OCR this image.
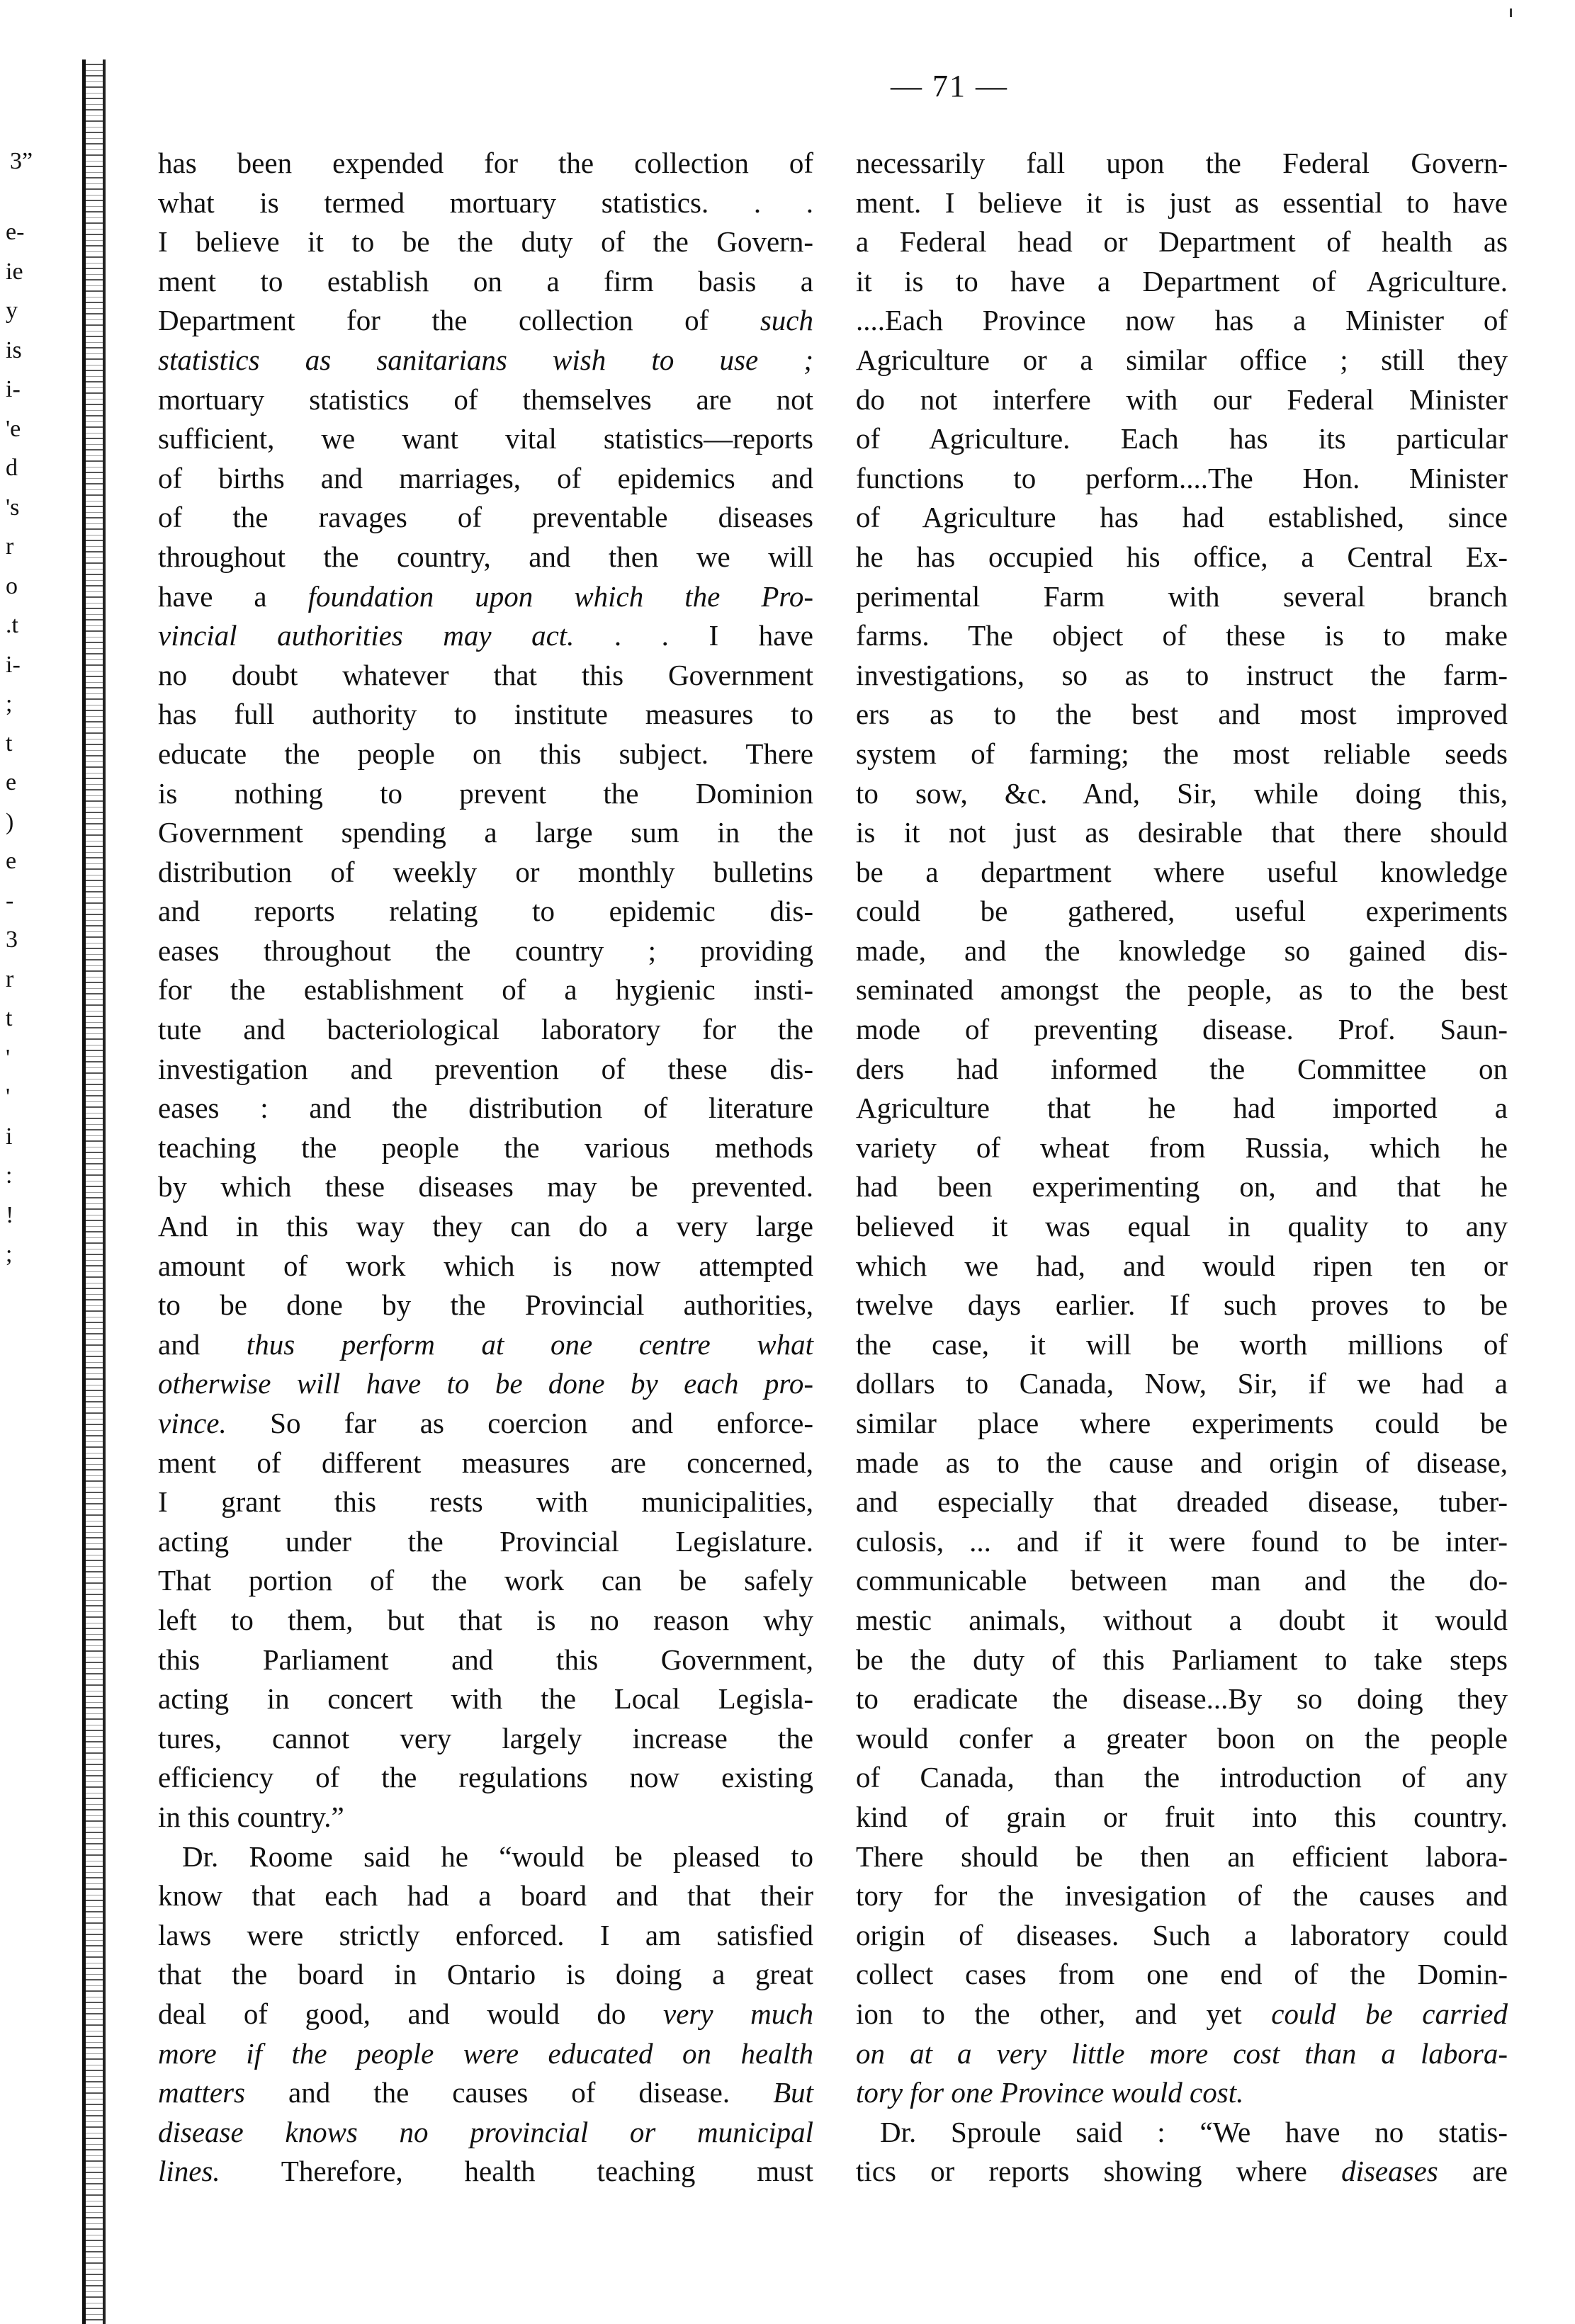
3”
e-
ie
y
is
i-
'e
d
's
r
o
.t
i-
;
t
e
)
e
-
3
r
t
'
'
i
:
!
;
— 71 —
has been expended for the collection of
what is termed mortuary statistics. . .
I believe it to be the duty of the Govern-
ment to establish on a firm basis a
Department for the collection of such
statistics as sanitarians wish to use ;
mortuary statistics of themselves are not
sufficient, we want vital statistics—reports
of births and marriages, of epidemics and
of the ravages of preventable diseases
throughout the country, and then we will
have a foundation upon which the Pro-
vincial authorities may act. . . I have
no doubt whatever that this Government
has full authority to institute measures to
educate the people on this subject. There
is nothing to prevent the Dominion
Government spending a large sum in the
distribution of weekly or monthly bulletins
and reports relating to epidemic dis-
eases throughout the country ; providing
for the establishment of a hygienic insti-
tute and bacteriological laboratory for the
investigation and prevention of these dis-
eases : and the distribution of literature
teaching the people the various methods
by which these diseases may be prevented.
And in this way they can do a very large
amount of work which is now attempted
to be done by the Provincial authorities,
and thus perform at one centre what
otherwise will have to be done by each pro-
vince. So far as coercion and enforce-
ment of different measures are concerned,
I grant this rests with municipalities,
acting under the Provincial Legislature.
That portion of the work can be safely
left to them, but that is no reason why
this Parliament and this Government,
acting in concert with the Local Legisla-
tures, cannot very largely increase the
efficiency of the regulations now existing
in this country.”
Dr. Roome said he “would be pleased to
know that each had a board and that their
laws were strictly enforced. I am satisfied
that the board in Ontario is doing a great
deal of good, and would do very much
more if the people were educated on health
matters and the causes of disease. But
disease knows no provincial or municipal
lines. Therefore, health teaching must
necessarily fall upon the Federal Govern-
ment. I believe it is just as essential to have
a Federal head or Department of health as
it is to have a Department of Agriculture.
....Each Province now has a Minister of
Agriculture or a similar office ; still they
do not interfere with our Federal Minister
of Agriculture. Each has its particular
functions to perform....The Hon. Minister
of Agriculture has had established, since
he has occupied his office, a Central Ex-
perimental Farm with several branch
farms. The object of these is to make
investigations, so as to instruct the farm-
ers as to the best and most improved
system of farming; the most reliable seeds
to sow, &c. And, Sir, while doing this,
is it not just as desirable that there should
be a department where useful knowledge
could be gathered, useful experiments
made, and the knowledge so gained dis-
seminated amongst the people, as to the best
mode of preventing disease. Prof. Saun-
ders had informed the Committee on
Agriculture that he had imported a
variety of wheat from Russia, which he
had been experimenting on, and that he
believed it was equal in quality to any
which we had, and would ripen ten or
twelve days earlier. If such proves to be
the case, it will be worth millions of
dollars to Canada, Now, Sir, if we had a
similar place where experiments could be
made as to the cause and origin of disease,
and especially that dreaded disease, tuber-
culosis, ... and if it were found to be inter-
communicable between man and the do-
mestic animals, without a doubt it would
be the duty of this Parliament to take steps
to eradicate the disease...By so doing they
would confer a greater boon on the people
of Canada, than the introduction of any
kind of grain or fruit into this country.
There should be then an efficient labora-
tory for the invesigation of the causes and
origin of diseases. Such a laboratory could
collect cases from one end of the Domin-
ion to the other, and yet could be carried
on at a very little more cost than a labora-
tory for one Province would cost.
Dr. Sproule said : “We have no statis-
tics or reports showing where diseases are
